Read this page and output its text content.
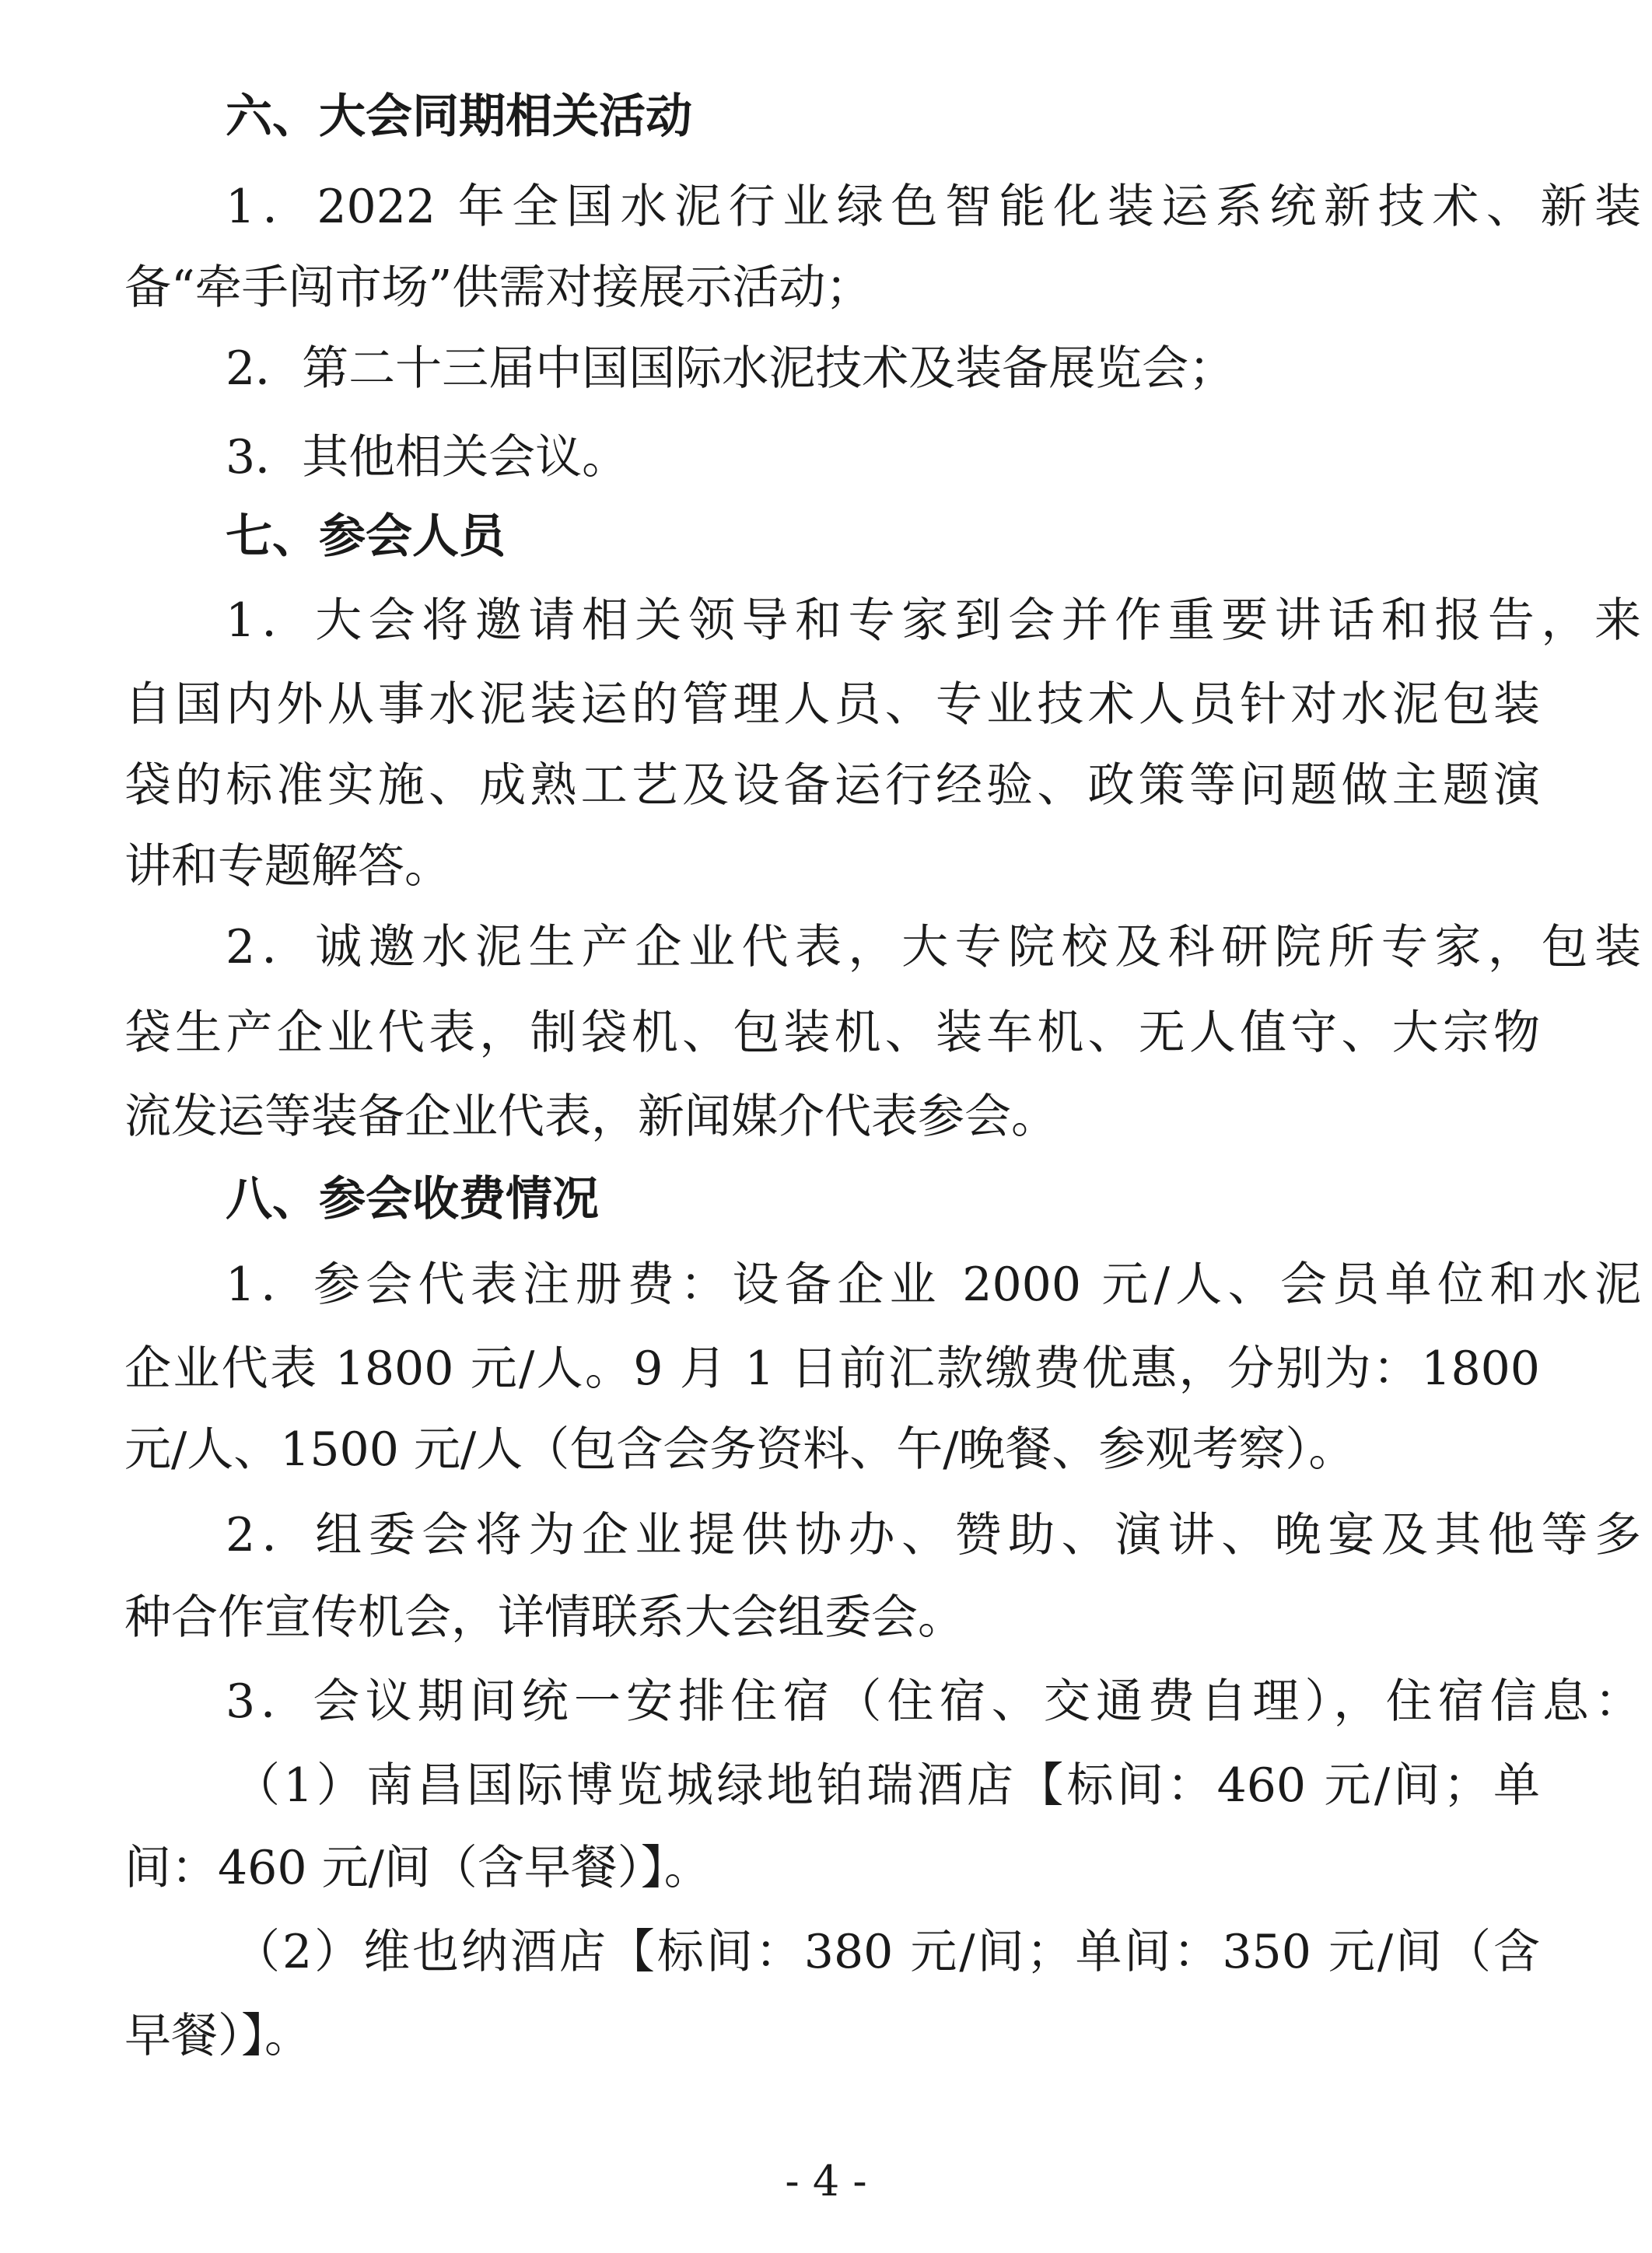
六、大会同期相关活动
1．2022 年全国水泥行业绿色智能化装运系统新技术、新装
备“牵手闯市场”供需对接展示活动；
2．第二十三届中国国际水泥技术及装备展览会；
3．其他相关会议。
七、参会人员
1．大会将邀请相关领导和专家到会并作重要讲话和报告，来
自国内外从事水泥装运的管理人员、专业技术人员针对水泥包装
袋的标准实施、成熟工艺及设备运行经验、政策等问题做主题演
讲和专题解答。
2．诚邀水泥生产企业代表，大专院校及科研院所专家，包装
袋生产企业代表，制袋机、包装机、装车机、无人值守、大宗物
流发运等装备企业代表，新闻媒介代表参会。
八、参会收费情况
1．参会代表注册费：设备企业 2000 元/人、会员单位和水泥
企业代表 1800 元/人。9 月 1 日前汇款缴费优惠，分别为：1800
元/人、1500 元/人（包含会务资料、午/晚餐、参观考察）。
2．组委会将为企业提供协办、赞助、演讲、晚宴及其他等多
种合作宣传机会，详情联系大会组委会。
3．会议期间统一安排住宿（住宿、交通费自理），住宿信息：
（1）南昌国际博览城绿地铂瑞酒店【标间：460 元/间；单
间：460 元/间（含早餐）】。
（2）维也纳酒店【标间：380 元/间；单间：350 元/间（含
早餐）】。
- 4 -
